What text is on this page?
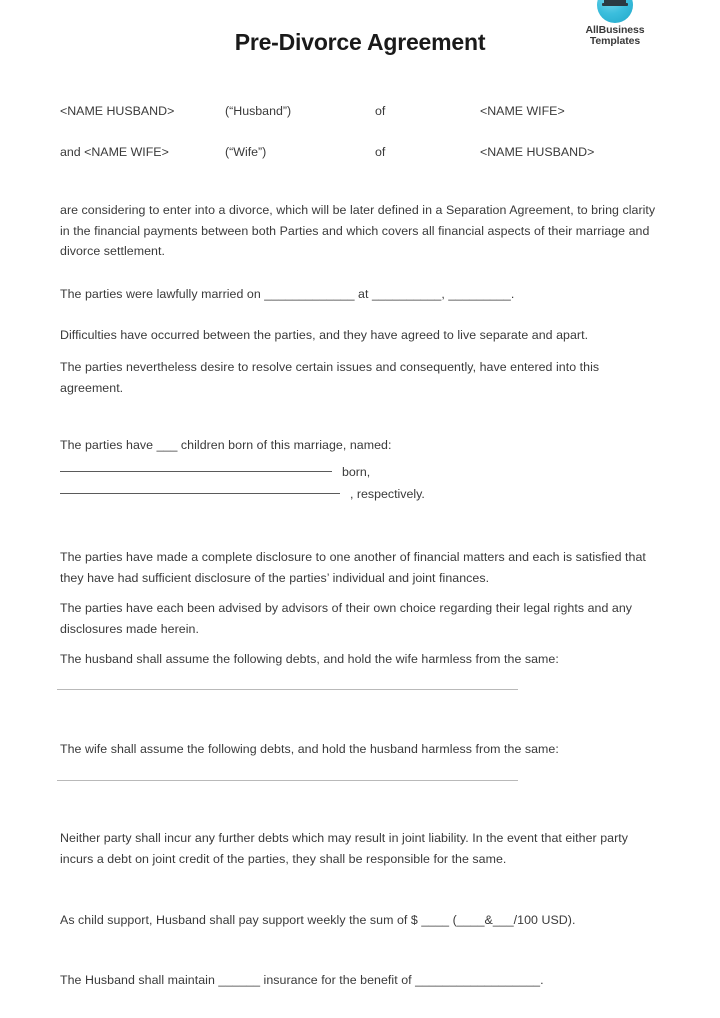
AllBusiness
Templates
Pre-Divorce Agreement
<NAME HUSBAND>	(“Husband”)	of	<NAME WIFE>
and <NAME WIFE>	(“Wife”)	of	<NAME HUSBAND>
are considering to enter into a divorce, which will be later defined in a Separation Agreement, to bring clarity in the financial payments between both Parties and which covers all financial aspects of their marriage and divorce settlement.
The parties were lawfully married on _____________ at __________, _________.
Difficulties have occurred between the parties, and they have agreed to live separate and apart.
The parties nevertheless desire to resolve certain issues and consequently, have entered into this agreement.
The parties have ___ children born of this marriage, named:
born,
, respectively.
The parties have made a complete disclosure to one another of financial matters and each is satisfied that they have had sufficient disclosure of the parties’ individual and joint finances.
The parties have each been advised by advisors of their own choice regarding their legal rights and any disclosures made herein.
The husband shall assume the following debts, and hold the wife harmless from the same:
The wife shall assume the following debts, and hold the husband harmless from the same:
Neither party shall incur any further debts which may result in joint liability. In the event that either party incurs a debt on joint credit of the parties, they shall be responsible for the same.
As child support, Husband shall pay support weekly the sum of $ ____ (____&___/100 USD).
The Husband shall maintain ______ insurance for the benefit of __________________.
